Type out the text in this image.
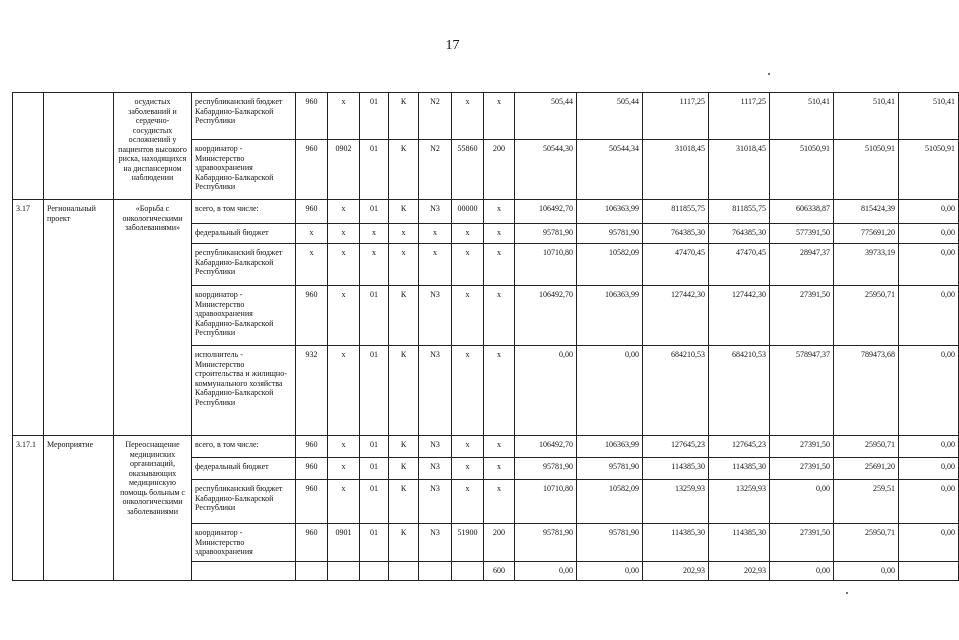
17
		осудистых заболеваний и сердечно-сосудистых осложнений у пациентов высокого риска, находящихся на диспансерном наблюдении	республиканский бюджет Кабардино-Балкарской Республики	960	x	01	К	N2	x	x	505,44	505,44	1117,25	1117,25	510,41	510,41	510,41
			координатор - Министерство здравоохранения Кабардино-Балкарской Республики	960	0902	01	К	N2	55860	200	50544,30	50544,34	31018,45	31018,45	51050,91	51050,91	51050,91
3.17	Региональный проект	«Борьба с онкологическими заболеваниями»	всего, в том числе:	960	x	01	К	N3	00000	x	106492,70	106363,99	811855,75	811855,75	606338,87	815424,39	0,00
			федеральный бюджет	x	x	x	x	x	x	x	95781,90	95781,90	764385,30	764385,30	577391,50	775691,20	0,00
			республиканский бюджет Кабардино-Балкарской Республики	x	x	x	x	x	x	x	10710,80	10582,09	47470,45	47470,45	28947,37	39733,19	0,00
			координатор - Министерство здравоохранения Кабардино-Балкарской Республики	960	x	01	К	N3	x	x	106492,70	106363,99	127442,30	127442,30	27391,50	25950,71	0,00
			исполнитель - Министерство строительства и жилищно-коммунального хозяйства Кабардино-Балкарской Республики	932	x	01	К	N3	x	x	0,00	0,00	684210,53	684210,53	578947,37	789473,68	0,00
3.17.1	Мероприятие	Переоснащение медицинских организаций, оказывающих медицинскую помощь больным с онкологическими заболеваниями	всего, в том числе:	960	x	01	К	N3	x	x	106492,70	106363,99	127645,23	127645,23	27391,50	25950,71	0,00
			федеральный бюджет	960	x	01	К	N3	x	x	95781,90	95781,90	114385,30	114385,30	27391,50	25691,20	0,00
			республиканский бюджет Кабардино-Балкарской Республики	960	x	01	К	N3	x	x	10710,80	10582,09	13259,93	13259,93	0,00	259,51	0,00
			координатор - Министерство здравоохранения	960	0901	01	К	N3	51900	200	95781,90	95781,90	114385,30	114385,30	27391,50	25950,71	0,00
										600	0,00	0,00	202,93	202,93	0,00	0,00	
